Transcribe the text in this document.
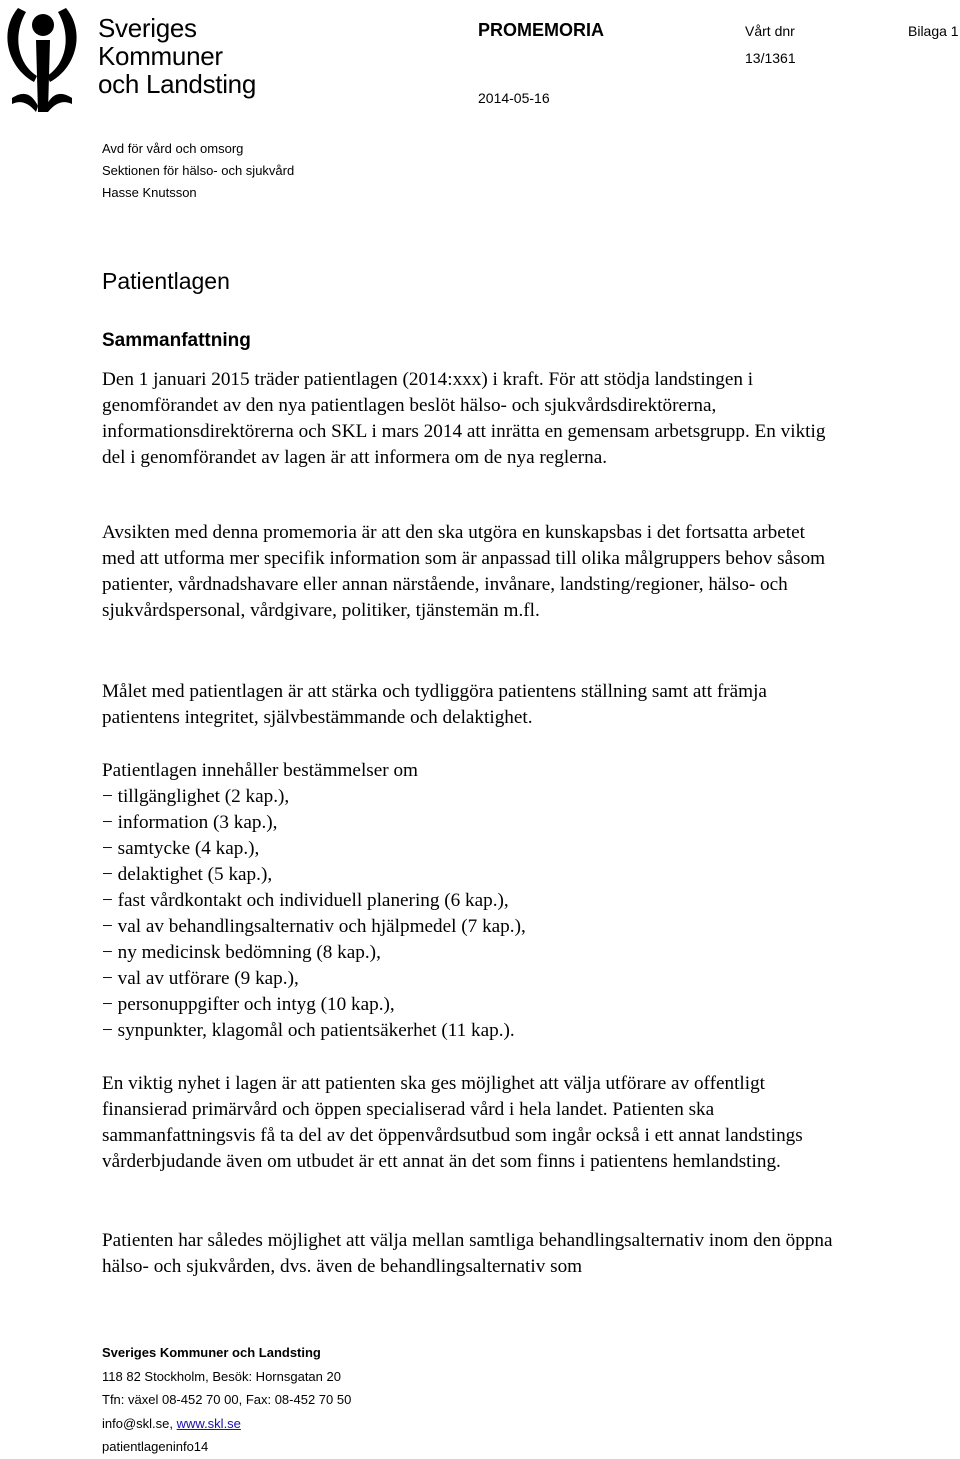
Sveriges
Kommuner
och Landsting
PROMEMORIA
2014-05-16
Vårt dnr
13/1361
Bilaga 1
Avd för vård och omsorg
Sektionen för hälso- och sjukvård
Hasse Knutsson
Patientlagen
Sammanfattning

Den 1 januari 2015 träder patientlagen (2014:xxx) i kraft. För att stödja landstingen i genomförandet av den nya patientlagen beslöt hälso- och sjukvårdsdirektörerna, informationsdirektörerna och SKL i mars 2014 att inrätta en gemensam arbetsgrupp. En viktig del i genomförandet av lagen är att informera om de nya reglerna.

Avsikten med denna promemoria är att den ska utgöra en kunskapsbas i det fortsatta arbetet med att utforma mer specifik information som är anpassad till olika målgruppers behov såsom patienter, vårdnadshavare eller annan närstående, invånare, landsting/regioner, hälso- och sjukvårdspersonal, vårdgivare, politiker, tjänstemän m.fl.

Målet med patientlagen är att stärka och tydliggöra patientens ställning samt att främja patientens integritet, självbestämmande och delaktighet.

Patientlagen innehåller bestämmelser om

− tillgänglighet (2 kap.),
− information (3 kap.),
− samtycke (4 kap.),
− delaktighet (5 kap.),
− fast vårdkontakt och individuell planering (6 kap.),
− val av behandlingsalternativ och hjälpmedel (7 kap.),
− ny medicinsk bedömning (8 kap.),
− val av utförare (9 kap.),
− personuppgifter och intyg (10 kap.),
− synpunkter, klagomål och patientsäkerhet (11 kap.).

En viktig nyhet i lagen är att patienten ska ges möjlighet att välja utförare av offentligt finansierad primärvård och öppen specialiserad vård i hela landet. Patienten ska sammanfattningsvis få ta del av det öppenvårdsutbud som ingår också i ett annat landstings vårderbjudande även om utbudet är ett annat än det som finns i patientens hemlandsting.

Patienten har således möjlighet att välja mellan samtliga behandlingsalternativ inom den öppna hälso- och sjukvården, dvs. även de behandlingsalternativ som

Sveriges Kommuner och Landsting
118 82 Stockholm, Besök: Hornsgatan 20
Tfn: växel 08-452 70 00, Fax: 08-452 70 50
info@skl.se, www.skl.se
patientlageninfo14
